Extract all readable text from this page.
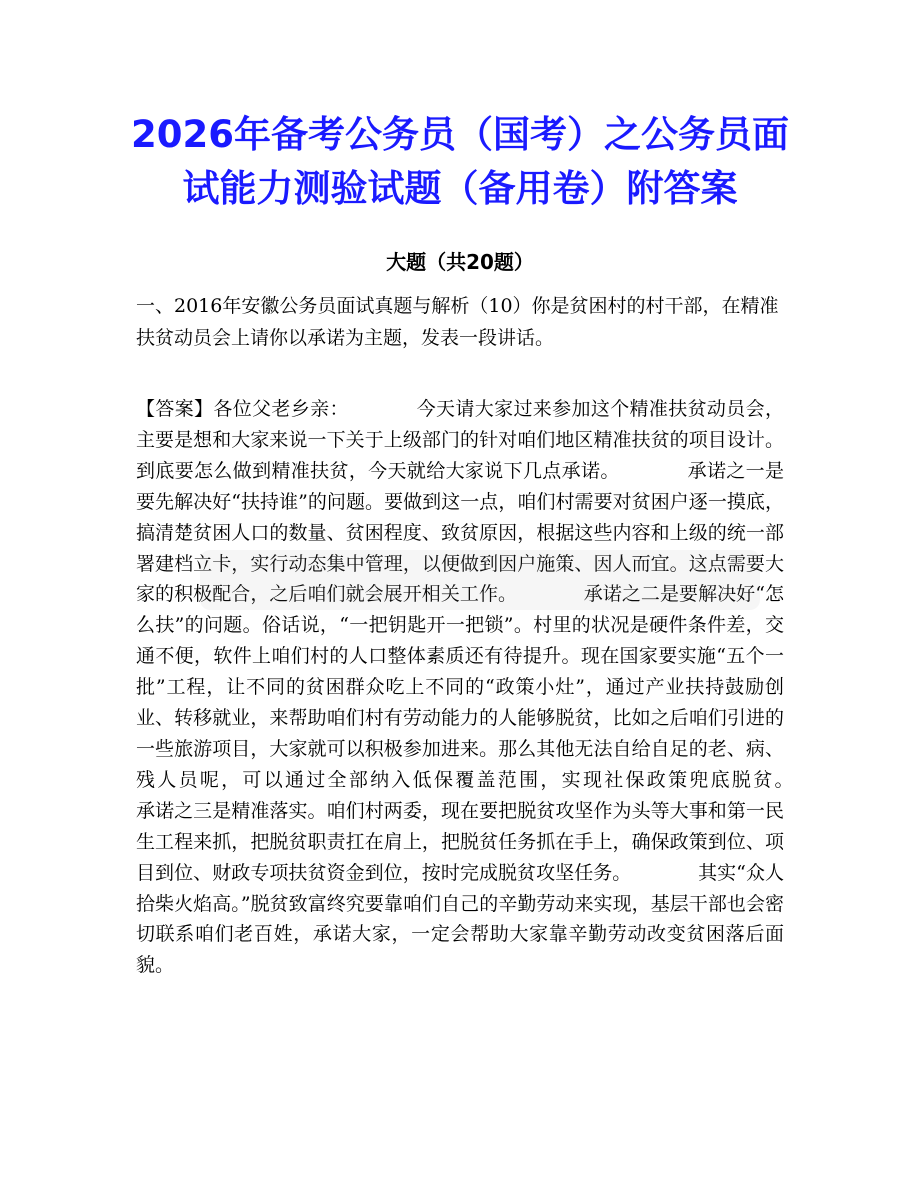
2026年备考公务员（国考）之公务员面试能力测验试题（备用卷）附答案
大题（共20题）

一、2016年安徽公务员面试真题与解析（10）你是贫困村的村干部，在精准扶贫动员会上请你以承诺为主题，发表一段讲话。

【答案】各位父老乡亲：　　　　今天请大家过来参加这个精准扶贫动员会，主要是想和大家来说一下关于上级部门的针对咱们地区精准扶贫的项目设计。到底要怎么做到精准扶贫，今天就给大家说下几点承诺。　　　　承诺之一是要先解决好“扶持谁”的问题。要做到这一点，咱们村需要对贫困户逐一摸底，搞清楚贫困人口的数量、贫困程度、致贫原因，根据这些内容和上级的统一部署建档立卡，实行动态集中管理，以便做到因户施策、因人而宜。这点需要大家的积极配合，之后咱们就会展开相关工作。　　　　承诺之二是要解决好“怎么扶”的问题。俗话说，“一把钥匙开一把锁”。村里的状况是硬件条件差，交通不便，软件上咱们村的人口整体素质还有待提升。现在国家要实施“五个一批”工程，让不同的贫困群众吃上不同的“政策小灶”，通过产业扶持鼓励创业、转移就业，来帮助咱们村有劳动能力的人能够脱贫，比如之后咱们引进的一些旅游项目，大家就可以积极参加进来。那么其他无法自给自足的老、病、残人员呢，可以通过全部纳入低保覆盖范围，实现社保政策兜底脱贫。　　　　承诺之三是精准落实。咱们村两委，现在要把脱贫攻坚作为头等大事和第一民生工程来抓，把脱贫职责扛在肩上，把脱贫任务抓在手上，确保政策到位、项目到位、财政专项扶贫资金到位，按时完成脱贫攻坚任务。　　　　其实“众人拾柴火焰高。”脱贫致富终究要靠咱们自己的辛勤劳动来实现，基层干部也会密切联系咱们老百姓，承诺大家，一定会帮助大家靠辛勤劳动改变贫困落后面貌。
